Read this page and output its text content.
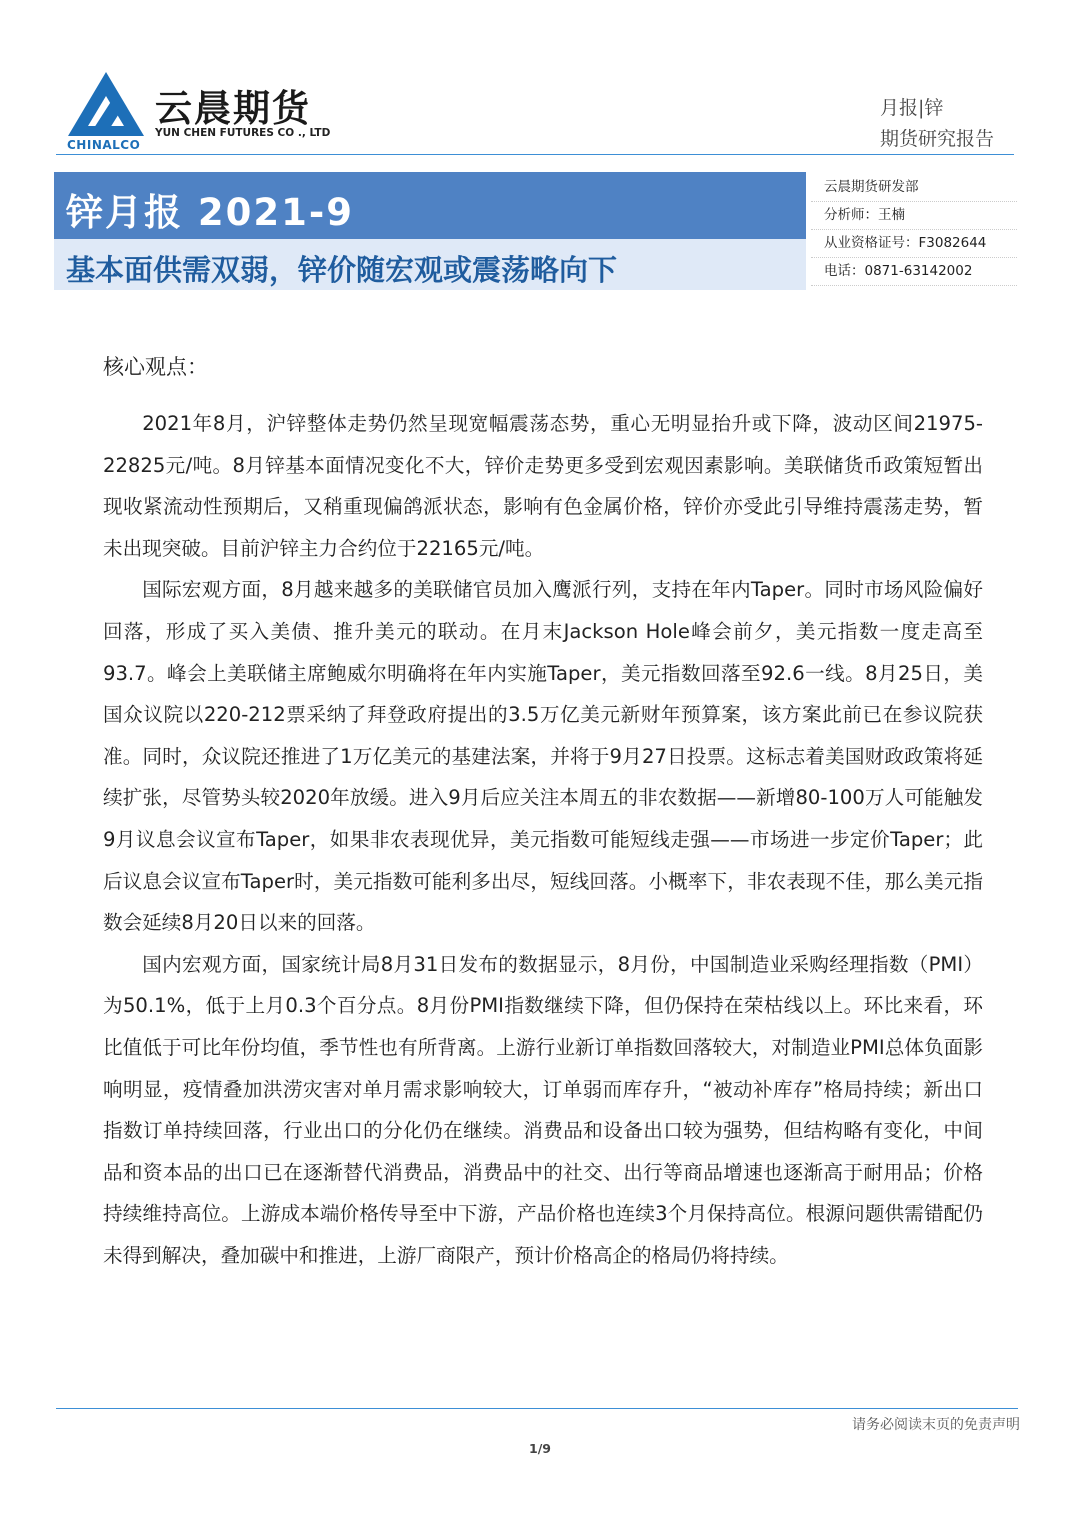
云晨期货
YUN CHEN FUTURES CO ., LTD
CHINALCO
月报|锌
期货研究报告
锌月报 2021-9
基本面供需双弱，锌价随宏观或震荡略向下
云晨期货研发部
分析师：王楠
从业资格证号：F3082644
电话：0871-63142002
核心观点：

2021年8月，沪锌整体走势仍然呈现宽幅震荡态势，重心无明显抬升或下降，波动区间21975-22825元/吨。8月锌基本面情况变化不大，锌价走势更多受到宏观因素影响。美联储货币政策短暂出现收紧流动性预期后，又稍重现偏鸽派状态，影响有色金属价格，锌价亦受此引导维持震荡走势，暂未出现突破。目前沪锌主力合约位于22165元/吨。

国际宏观方面，8月越来越多的美联储官员加入鹰派行列，支持在年内Taper。同时市场风险偏好回落，形成了买入美债、推升美元的联动。在月末Jackson Hole峰会前夕，美元指数一度走高至93.7。峰会上美联储主席鲍威尔明确将在年内实施Taper，美元指数回落至92.6一线。8月25日，美国众议院以220-212票采纳了拜登政府提出的3.5万亿美元新财年预算案，该方案此前已在参议院获准。同时，众议院还推进了1万亿美元的基建法案，并将于9月27日投票。这标志着美国财政政策将延续扩张，尽管势头较2020年放缓。进入9月后应关注本周五的非农数据——新增80-100万人可能触发9月议息会议宣布Taper，如果非农表现优异，美元指数可能短线走强——市场进一步定价Taper；此后议息会议宣布Taper时，美元指数可能利多出尽，短线回落。小概率下，非农表现不佳，那么美元指数会延续8月20日以来的回落。

国内宏观方面，国家统计局8月31日发布的数据显示，8月份，中国制造业采购经理指数（PMI）为50.1%，低于上月0.3个百分点。8月份PMI指数继续下降，但仍保持在荣枯线以上。环比来看，环比值低于可比年份均值，季节性也有所背离。上游行业新订单指数回落较大，对制造业PMI总体负面影响明显，疫情叠加洪涝灾害对单月需求影响较大，订单弱而库存升，“被动补库存”格局持续；新出口指数订单持续回落，行业出口的分化仍在继续。消费品和设备出口较为强势，但结构略有变化，中间品和资本品的出口已在逐渐替代消费品，消费品中的社交、出行等商品增速也逐渐高于耐用品；价格持续维持高位。上游成本端价格传导至中下游，产品价格也连续3个月保持高位。根源问题供需错配仍未得到解决，叠加碳中和推进，上游厂商限产，预计价格高企的格局仍将持续。

请务必阅读末页的免责声明
1/9
